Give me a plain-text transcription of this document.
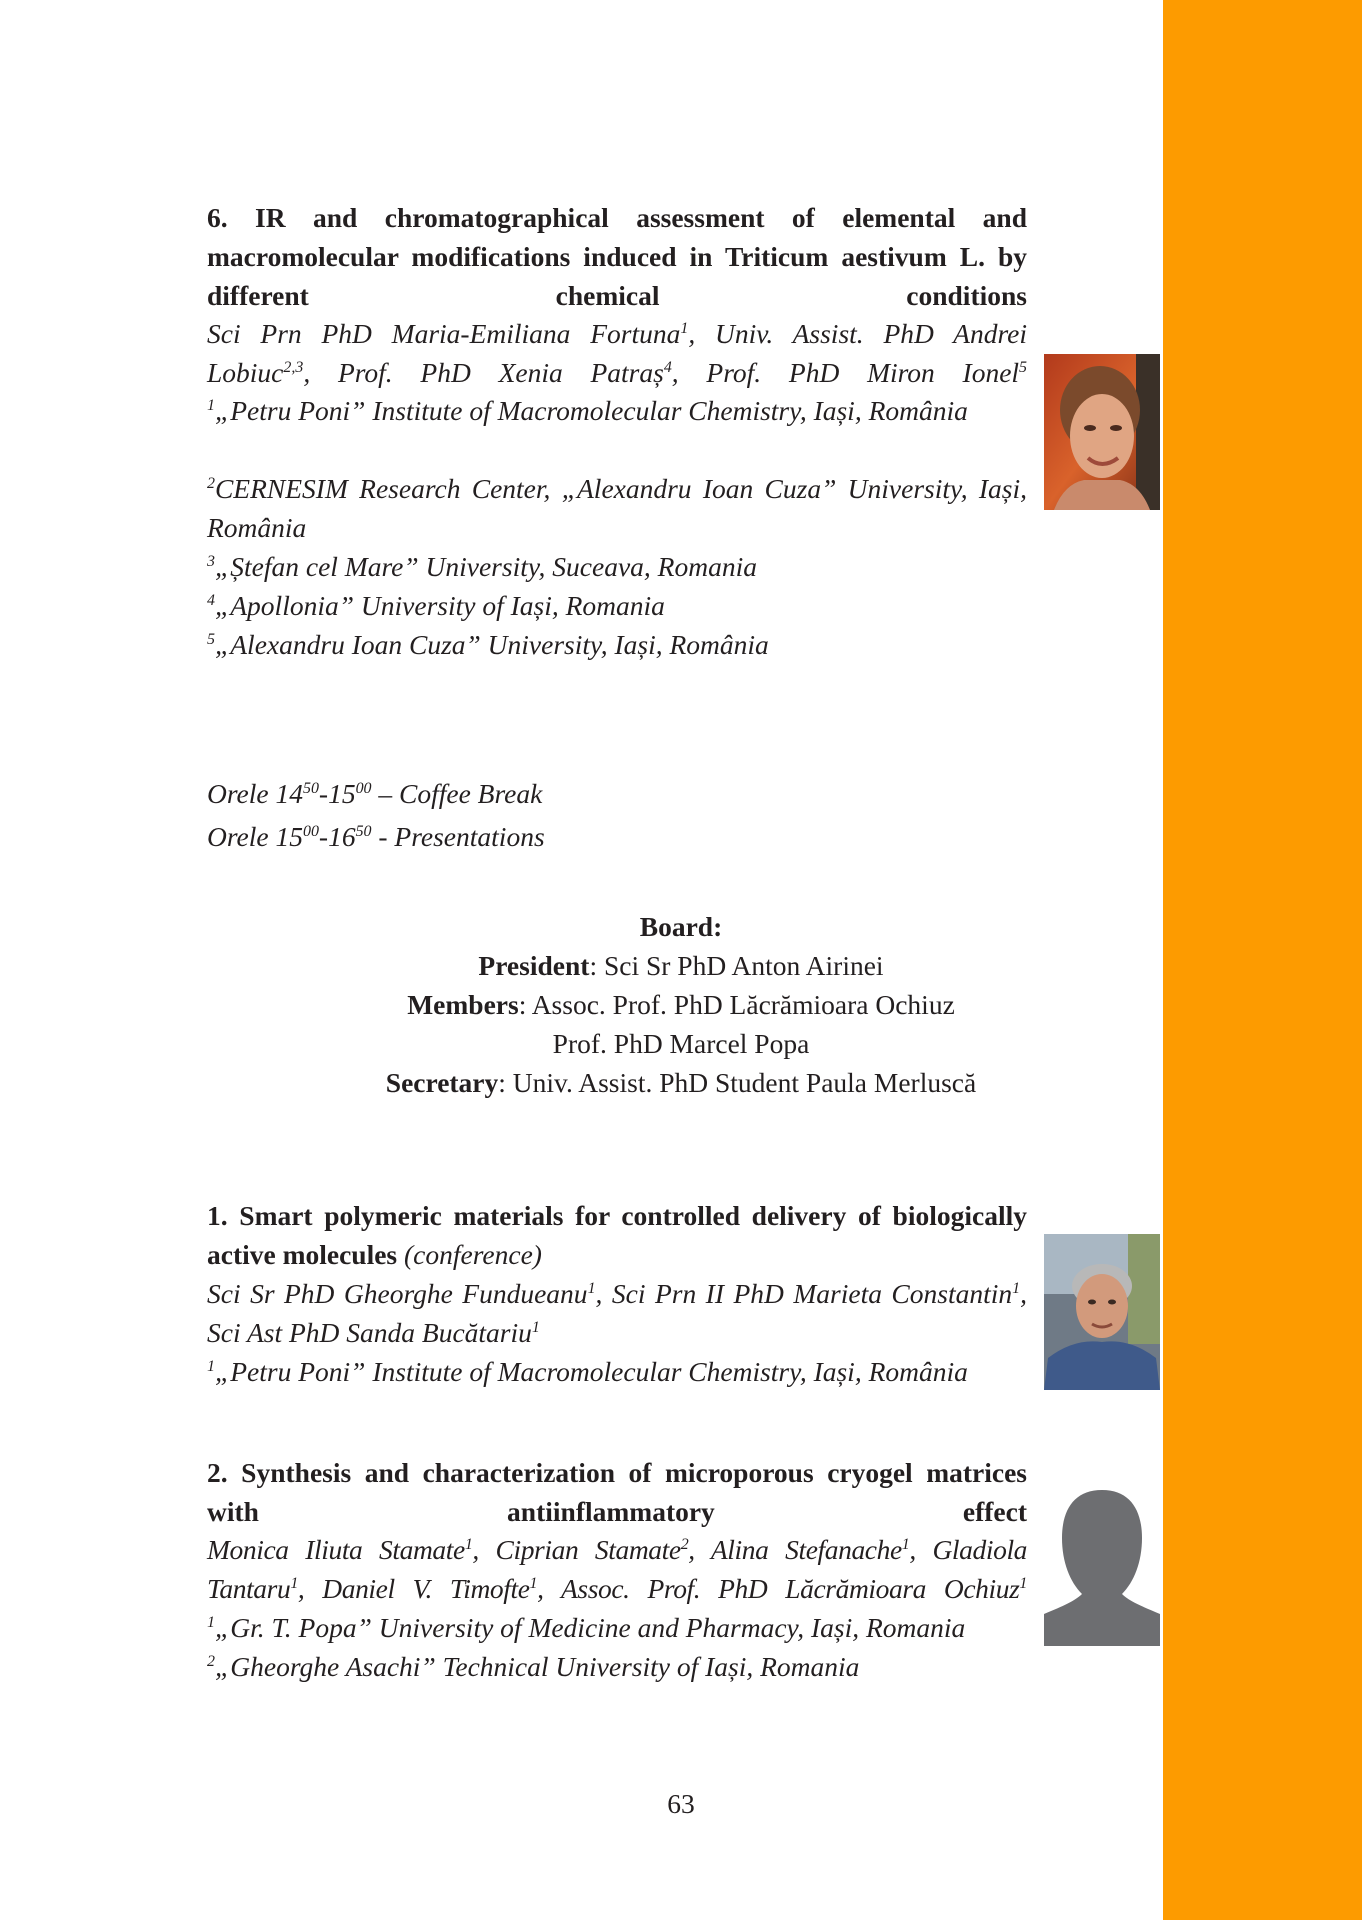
6. IR and chromatographical assessment of elemental and macromolecular modifications induced in Triticum aestivum L. by different chemical conditions
Sci Prn PhD Maria-Emiliana Fortuna$^1$, Univ. Assist. PhD Andrei Lobiuc$^{2,3}$, Prof. PhD Xenia Patraș$^4$, Prof. PhD Miron Ionel$^5$
$^1$„Petru Poni” Institute of Macromolecular Chemistry, Iași, România
$^2$CERNESIM Research Center, „Alexandru Ioan Cuza” University, Iași, România
$^3$„Ștefan cel Mare” University, Suceava, Romania
$^4$„Apollonia” University of Iași, Romania
$^5$„Alexandru Ioan Cuza” University, Iași, România
Orele $14^{50}-15^{00}$ – Coffee Break
Orele $15^{00}-16^{50}$ - Presentations
Board:
President: Sci Sr PhD Anton Airinei
Members: Assoc. Prof. PhD Lăcrămioara Ochiuz
Prof. PhD Marcel Popa
Secretary: Univ. Assist. PhD Student Paula Merluscă
1. Smart polymeric materials for controlled delivery of biologically active molecules (conference)
Sci Sr PhD Gheorghe Fundueanu$^1$, Sci Prn II PhD Marieta Constantin$^1$, Sci Ast PhD Sanda Bucătariu$^1$
$^1$„Petru Poni” Institute of Macromolecular Chemistry, Iași, România
2. Synthesis and characterization of microporous cryogel matrices with antiinflammatory effect
Monica Iliuta Stamate$^1$, Ciprian Stamate$^2$, Alina Stefanache$^1$, Gladiola Tantaru$^1$, Daniel V. Timofte$^1$, Assoc. Prof. PhD Lăcrămioara Ochiuz$^1$
$^1$„Gr. T. Popa” University of Medicine and Pharmacy, Iași, Romania
$^2$„Gheorghe Asachi” Technical University of Iași, Romania
63
